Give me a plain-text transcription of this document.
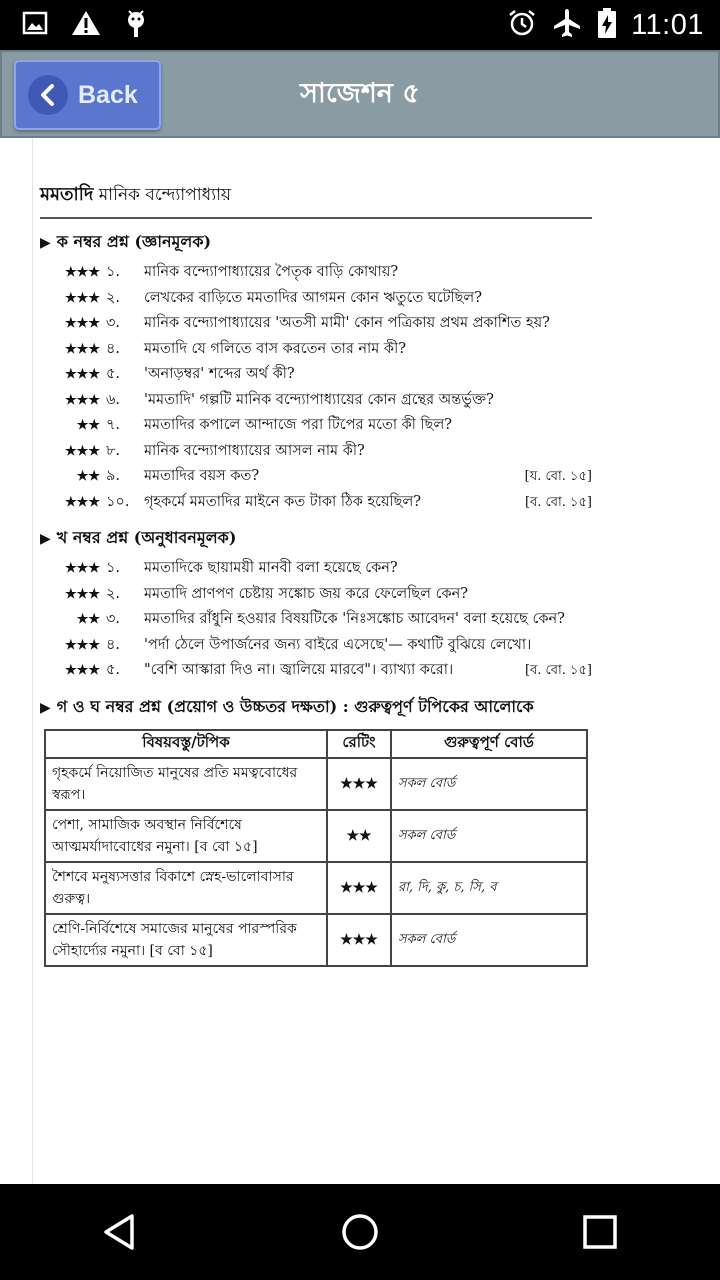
11:01
Back	সাজেশন ৫
মমতাদি মানিক বন্দ্যোপাধ্যায়
▶ ক নম্বর প্রশ্ন (জ্ঞানমূলক)
★★★ ১.	মানিক বন্দ্যোপাধ্যায়ের পৈতৃক বাড়ি কোথায়?
★★★ ২.	লেখকের বাড়িতে মমতাদির আগমন কোন ঋতুতে ঘটেছিল?
★★★ ৩.	মানিক বন্দ্যোপাধ্যায়ের 'অতসী মামী' কোন পত্রিকায় প্রথম প্রকাশিত হয়?
★★★ ৪.	মমতাদি যে গলিতে বাস করতেন তার নাম কী?
★★★ ৫.	'অনাড়ম্বর' শব্দের অর্থ কী?
★★★ ৬.	'মমতাদি' গল্পটি মানিক বন্দ্যোপাধ্যায়ের কোন গ্রন্থের অন্তর্ভুক্ত?
★★ ৭.	মমতাদির কপালে আন্দাজে পরা টিপের মতো কী ছিল?
★★★ ৮.	মানিক বন্দ্যোপাধ্যায়ের আসল নাম কী?
★★ ৯.	মমতাদির বয়স কত?	[য. বো. ১৫]
★★★ ১০.	গৃহকর্মে মমতাদির মাইনে কত টাকা ঠিক হয়েছিল?	[ব. বো. ১৫]
▶ খ নম্বর প্রশ্ন (অনুধাবনমূলক)
★★★ ১.	মমতাদিকে ছায়াময়ী মানবী বলা হয়েছে কেন?
★★★ ২.	মমতাদি প্রাণপণ চেষ্টায় সঙ্কোচ জয় করে ফেলেছিল কেন?
★★ ৩.	মমতাদির রাঁধুনি হওয়ার বিষয়টিকে 'নিঃসঙ্কোচ আবেদন' বলা হয়েছে কেন?
★★★ ৪.	'পর্দা ঠেলে উপার্জনের জন্য বাইরে এসেছে'— কথাটি বুঝিয়ে লেখো।
★★★ ৫.	"বেশি আস্কারা দিও না। জ্বালিয়ে মারবে"। ব্যাখ্যা করো।	[ব. বো. ১৫]
▶ গ ও ঘ নম্বর প্রশ্ন (প্রয়োগ ও উচ্চতর দক্ষতা) : গুরুত্বপূর্ণ টপিকের আলোকে
বিষয়বস্তু/টপিক	রেটিং	গুরুত্বপূর্ণ বোর্ড
গৃহকর্মে নিয়োজিত মানুষের প্রতি মমত্ববোধের স্বরূপ।	★★★	সকল বোর্ড
পেশা, সামাজিক অবস্থান নির্বিশেষে আত্মমর্যাদাবোধের নমুনা। [ব বো ১৫]	★★	সকল বোর্ড
শৈশবে মনুষ্যসত্তার বিকাশে স্নেহ-ভালোবাসার গুরুত্ব।	★★★	রা, দি, কু, চ, সি, ব
শ্রেণি-নির্বিশেষে সমাজের মানুষের পারস্পরিক সৌহার্দ্যের নমুনা। [ব বো ১৫]	★★★	সকল বোর্ড
